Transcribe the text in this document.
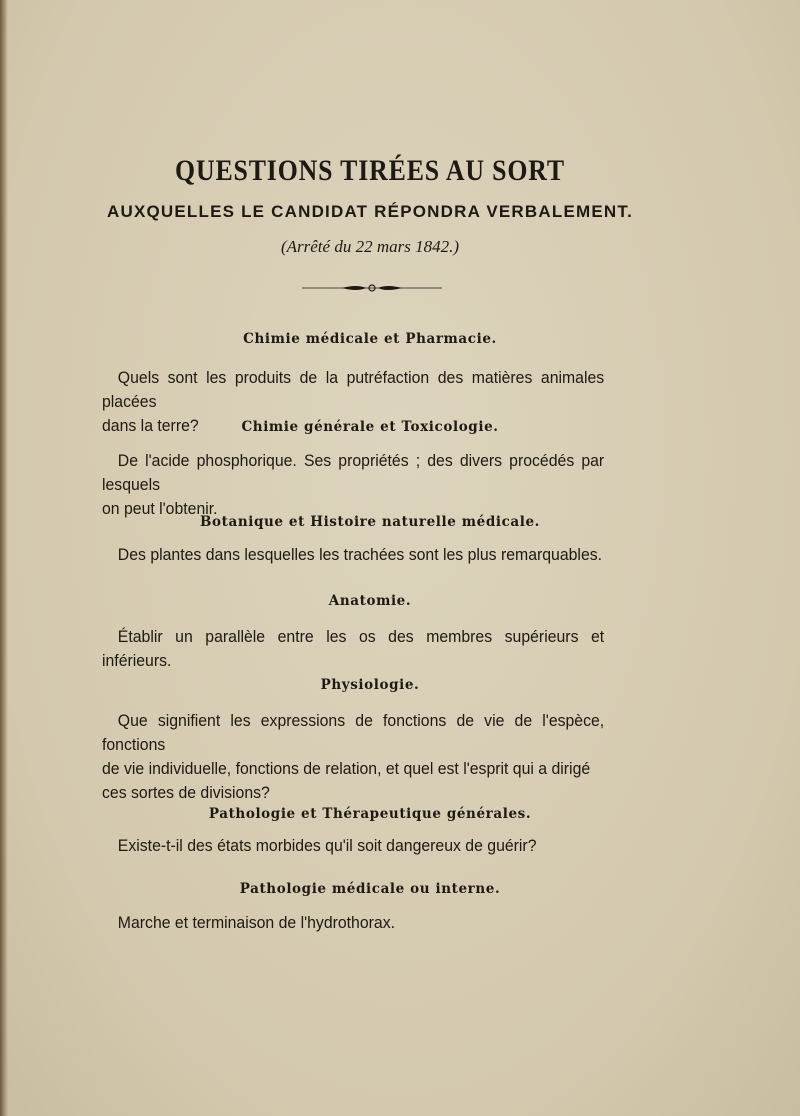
QUESTIONS TIRÉES AU SORT
AUXQUELLES LE CANDIDAT RÉPONDRA VERBALEMENT.
(Arrêté du 22 mars 1842.)
Chimie médicale et Pharmacie.
Quels sont les produits de la putréfaction des matières animales placées
dans la terre?	Chimie générale et Toxicologie.
De l'acide phosphorique. Ses propriétés ; des divers procédés par lesquels
on peut l'obtenir.
Botanique et Histoire naturelle médicale.
Des plantes dans lesquelles les trachées sont les plus remarquables.
Anatomie.
Établir un parallèle entre les os des membres supérieurs et inférieurs.
Physiologie.
Que signifient les expressions de fonctions de vie de l'espèce, fonctions
de vie individuelle, fonctions de relation, et quel est l'esprit qui a dirigé
ces sortes de divisions?
Pathologie et Thérapeutique générales.
Existe-t-il des états morbides qu'il soit dangereux de guérir?
Pathologie médicale ou interne.
Marche et terminaison de l'hydrothorax.
